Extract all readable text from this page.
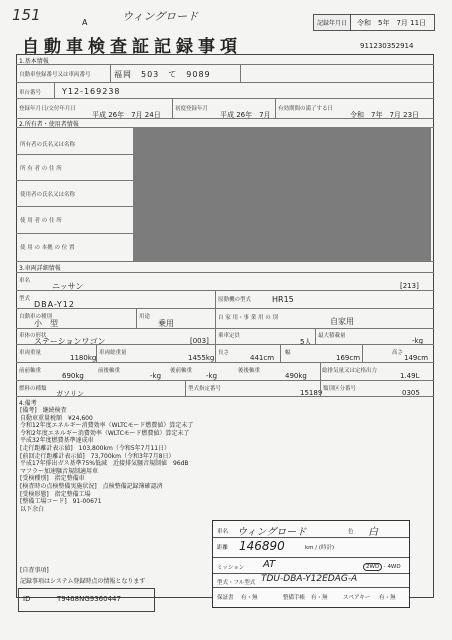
151	A	ウィングロード
記録年月日	令和　5年　7月 11日
自動車検査証記録事項	911230352914
1.基本情報
自動車登録番号又は車両番号	福岡　503　て　9089
車台番号	Y12-169238
登録年月日/交付年月日
平成 26年　7月 24日
初度登録年月
平成 26年　7月
有効期間の満了する日
令和　7年　7月 23日
2.所有者・使用者情報
所有者の氏名又は名称
所 有 者 の 住 所
使用者の氏名又は名称
使 用 者 の 住 所
使 用 の 本拠 の 位 置
3.車両詳細情報
車名
ニッサン	[213]
型式
DBA-Y12	原動機の型式	HR15
自動車の種別
小　型
用途
乗用
自 家 用・事 業 用 の 別	自家用
車体の形状
ステーションワゴン	[003]
乗車定員
5人
最大積載量
-kg
車両重量
1180kg
車両総重量
1455kg
長さ
441cm
幅
169cm
高さ
149cm
前前軸重
690kg
前後軸重
-kg
後前軸重
-kg
後後軸重
490kg
総排気量又は定格出力
1.49L
燃料の種類
ガソリン
型式指定番号	15189 類別区分番号	0305
4.備考
[備考]　継続検査
自動車重量税額　¥24,600
令和12年度エネルギー消費効率（WLTCモード燃費値）算定未了
令和2年度エネルギー消費効率（WLTCモード燃費値）算定未了
平成32年度燃費基準達成車
[走行距離計表示値]　103,800km（令和5年7月11日）
[前回走行距離計表示値]　73,700km（令和3年7月8日）
平成17年排出ガス基準75%低減　近接排気騒音規制値　96dB
マフラー加速騒音規制適用車
[受検種別]　指定整備車
[検査時の点検整備実施状況]　点検整備記録簿確認済
[受検形態]　指定整備工場
[整備工場コード]　91-00671
以下余白
車名 ウィングロード	色 白
距離 146890	km / (時計)
ミッション AT	2WD · 4WD
型式・フル型式 TDU-DBA-Y12EDAG-A
保証書 有・無	整備手帳 有・無	スペアキー 有・無
[自査事項]
記録事項はシステム登録時点の情報となります
ID	T9468NG9360447
